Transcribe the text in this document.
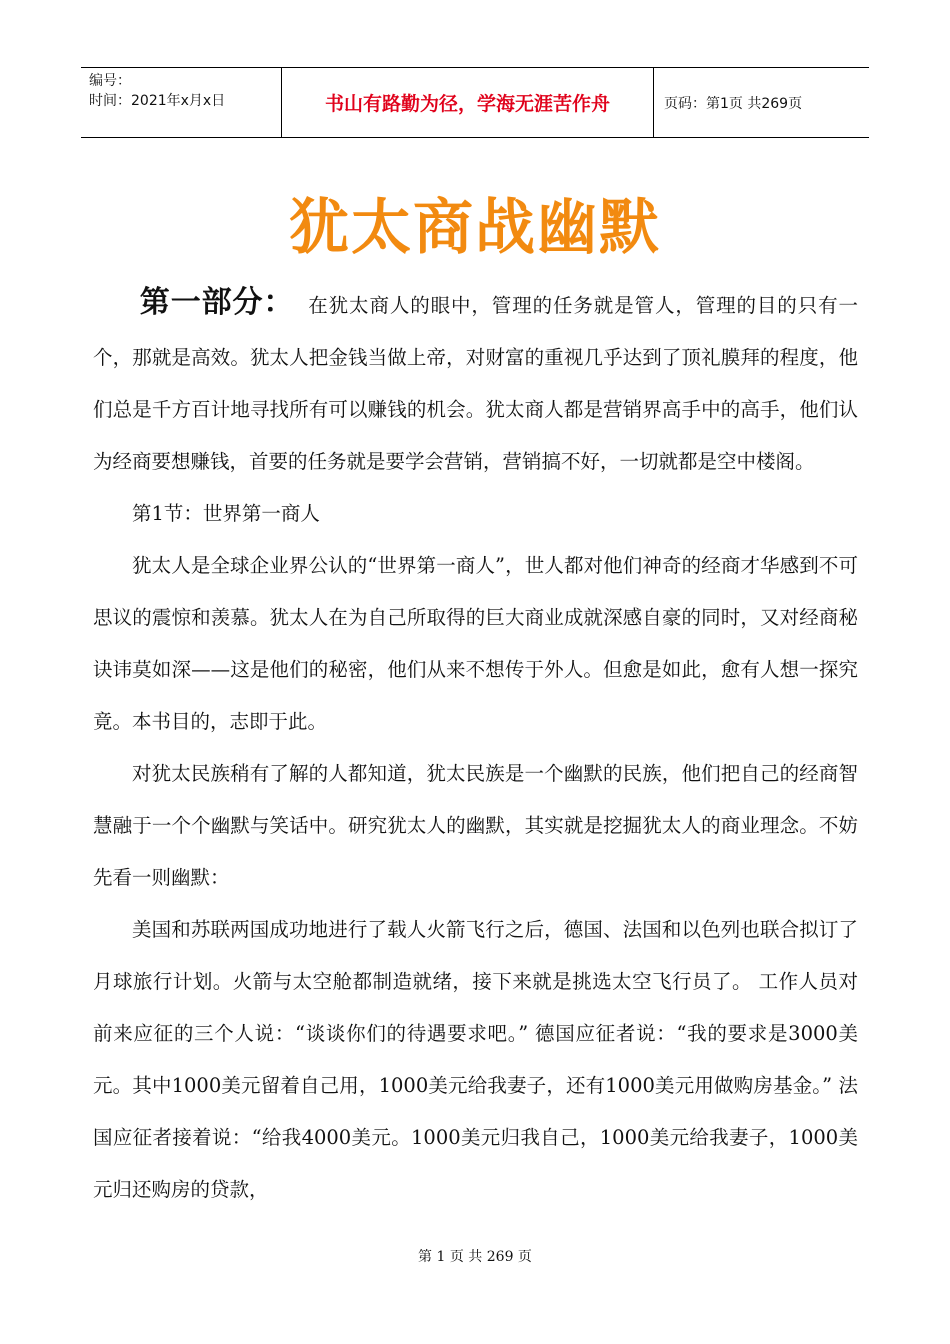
编号：
时间：2021年x月x日	书山有路勤为径，学海无涯苦作舟	页码：第1页 共269页
犹太商战幽默

第一部分： 在犹太商人的眼中，管理的任务就是管人，管理的目的只有一个，那就是高效。犹太人把金钱当做上帝，对财富的重视几乎达到了顶礼膜拜的程度，他们总是千方百计地寻找所有可以赚钱的机会。犹太商人都是营销界高手中的高手，他们认为经商要想赚钱，首要的任务就是要学会营销，营销搞不好，一切就都是空中楼阁。

第1节：世界第一商人

犹太人是全球企业界公认的“世界第一商人”，世人都对他们神奇的经商才华感到不可思议的震惊和羡慕。犹太人在为自己所取得的巨大商业成就深感自豪的同时，又对经商秘诀讳莫如深——这是他们的秘密，他们从来不想传于外人。但愈是如此，愈有人想一探究竟。本书目的，志即于此。

对犹太民族稍有了解的人都知道，犹太民族是一个幽默的民族，他们把自己的经商智慧融于一个个幽默与笑话中。研究犹太人的幽默，其实就是挖掘犹太人的商业理念。不妨先看一则幽默：

美国和苏联两国成功地进行了载人火箭飞行之后，德国、法国和以色列也联合拟订了月球旅行计划。火箭与太空舱都制造就绪，接下来就是挑选太空飞行员了。 工作人员对前来应征的三个人说：“谈谈你们的待遇要求吧。” 德国应征者说：“我的要求是3000美元。其中1000美元留着自己用，1000美元给我妻子，还有1000美元用做购房基金。” 法国应征者接着说：“给我4000美元。1000美元归我自己，1000美元给我妻子，1000美元归还购房的贷款，

第 1 页 共 269 页
